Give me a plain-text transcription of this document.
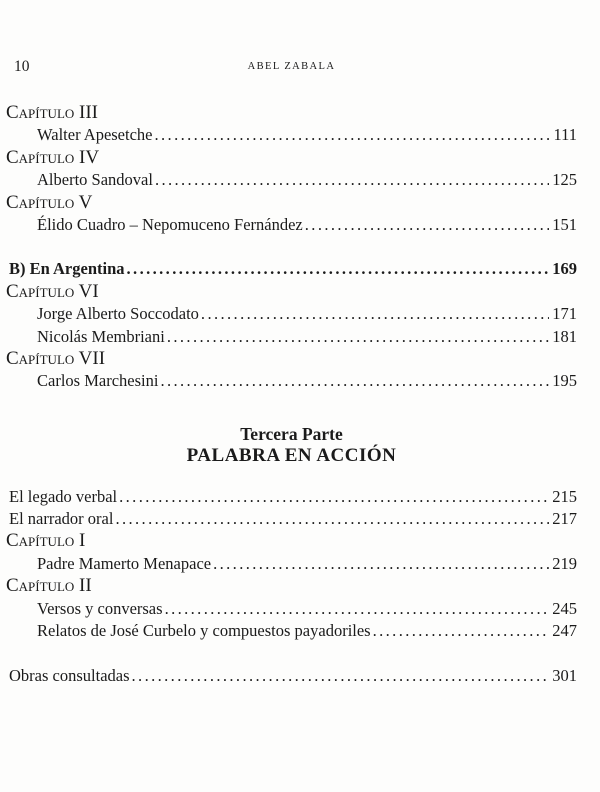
10	ABEL ZABALA
Capítulo III
Walter Apesetche .....	111
Capítulo IV
Alberto Sandoval .....	125
Capítulo V
Élido Cuadro – Nepomuceno Fernández .....	151
B) En Argentina .....	169
Capítulo VI
Jorge Alberto Soccodato .....	171
Nicolás Membriani .....	181
Capítulo VII
Carlos Marchesini .....	195
Tercera Parte
PALABRA EN ACCIÓN
El legado verbal .....	215
El narrador oral .....	217
Capítulo I
Padre Mamerto Menapace .....	219
Capítulo II
Versos y conversas .....	245
Relatos de José Curbelo y compuestos payadoriles .....	247
Obras consultadas .....	301
